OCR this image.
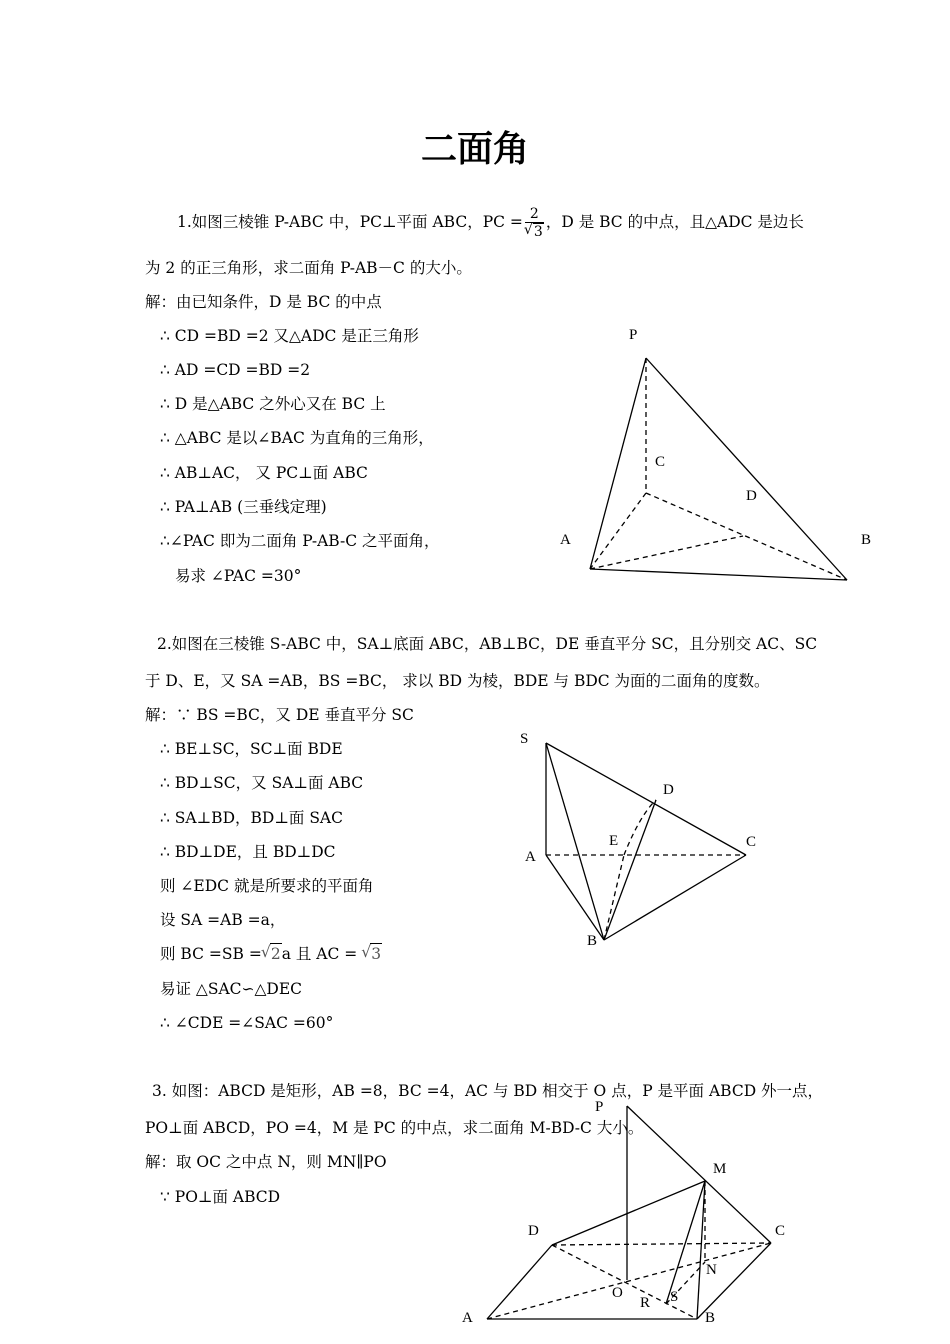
二面角
1.如图三棱锥 P-ABC 中，PC⊥平面 ABC，PC = 2
√ 3 ，D 是 BC 的中点，且△ADC 是边长
为 2 的正三角形，求二面角 P-AB－C 的大小。
解：由已知条件，D 是 BC 的中点
∴ CD =BD =2 又△ADC 是正三角形
∴ AD =CD =BD =2
∴ D 是△ABC 之外心又在 BC 上
∴ △ABC 是以∠BAC 为直角的三角形，
∴ AB⊥AC， 又 PC⊥面 ABC
∴ PA⊥AB (三垂线定理)
∴∠PAC 即为二面角 P-AB-C 之平面角，
易求 ∠PAC =30°
P
C
D
A	B
2.如图在三棱锥 S-ABC 中，SA⊥底面 ABC，AB⊥BC，DE 垂直平分 SC，且分别交 AC、SC
于 D、E，又 SA =AB，BS =BC， 求以 BD 为棱，BDE 与 BDC 为面的二面角的度数。
解：∵ BS =BC，又 DE 垂直平分 SC
∴ BE⊥SC，SC⊥面 BDE
∴ BD⊥SC，又 SA⊥面 ABC
∴ SA⊥BD，BD⊥面 SAC
∴ BD⊥DE，且 BD⊥DC
则 ∠EDC 就是所要求的平面角
设 SA =AB =a，
则 BC =SB = √ 2a 且 AC = √ 3
易证 △SAC∽△DEC
∴ ∠CDE =∠SAC =60°
S
D
E	C
A
B
3. 如图：ABCD 是矩形，AB =8，BC =4，AC 与 BD 相交于 O 点，P 是平面 ABCD 外一点，
PO⊥面 ABCD，PO =4，M 是 PC 的中点，求二面角 M-BD-C 大小。
解：取 OC 之中点 N，则 MN∥PO
∵ PO⊥面 ABCD
P
M
D	C
N
O
R S
A	B
